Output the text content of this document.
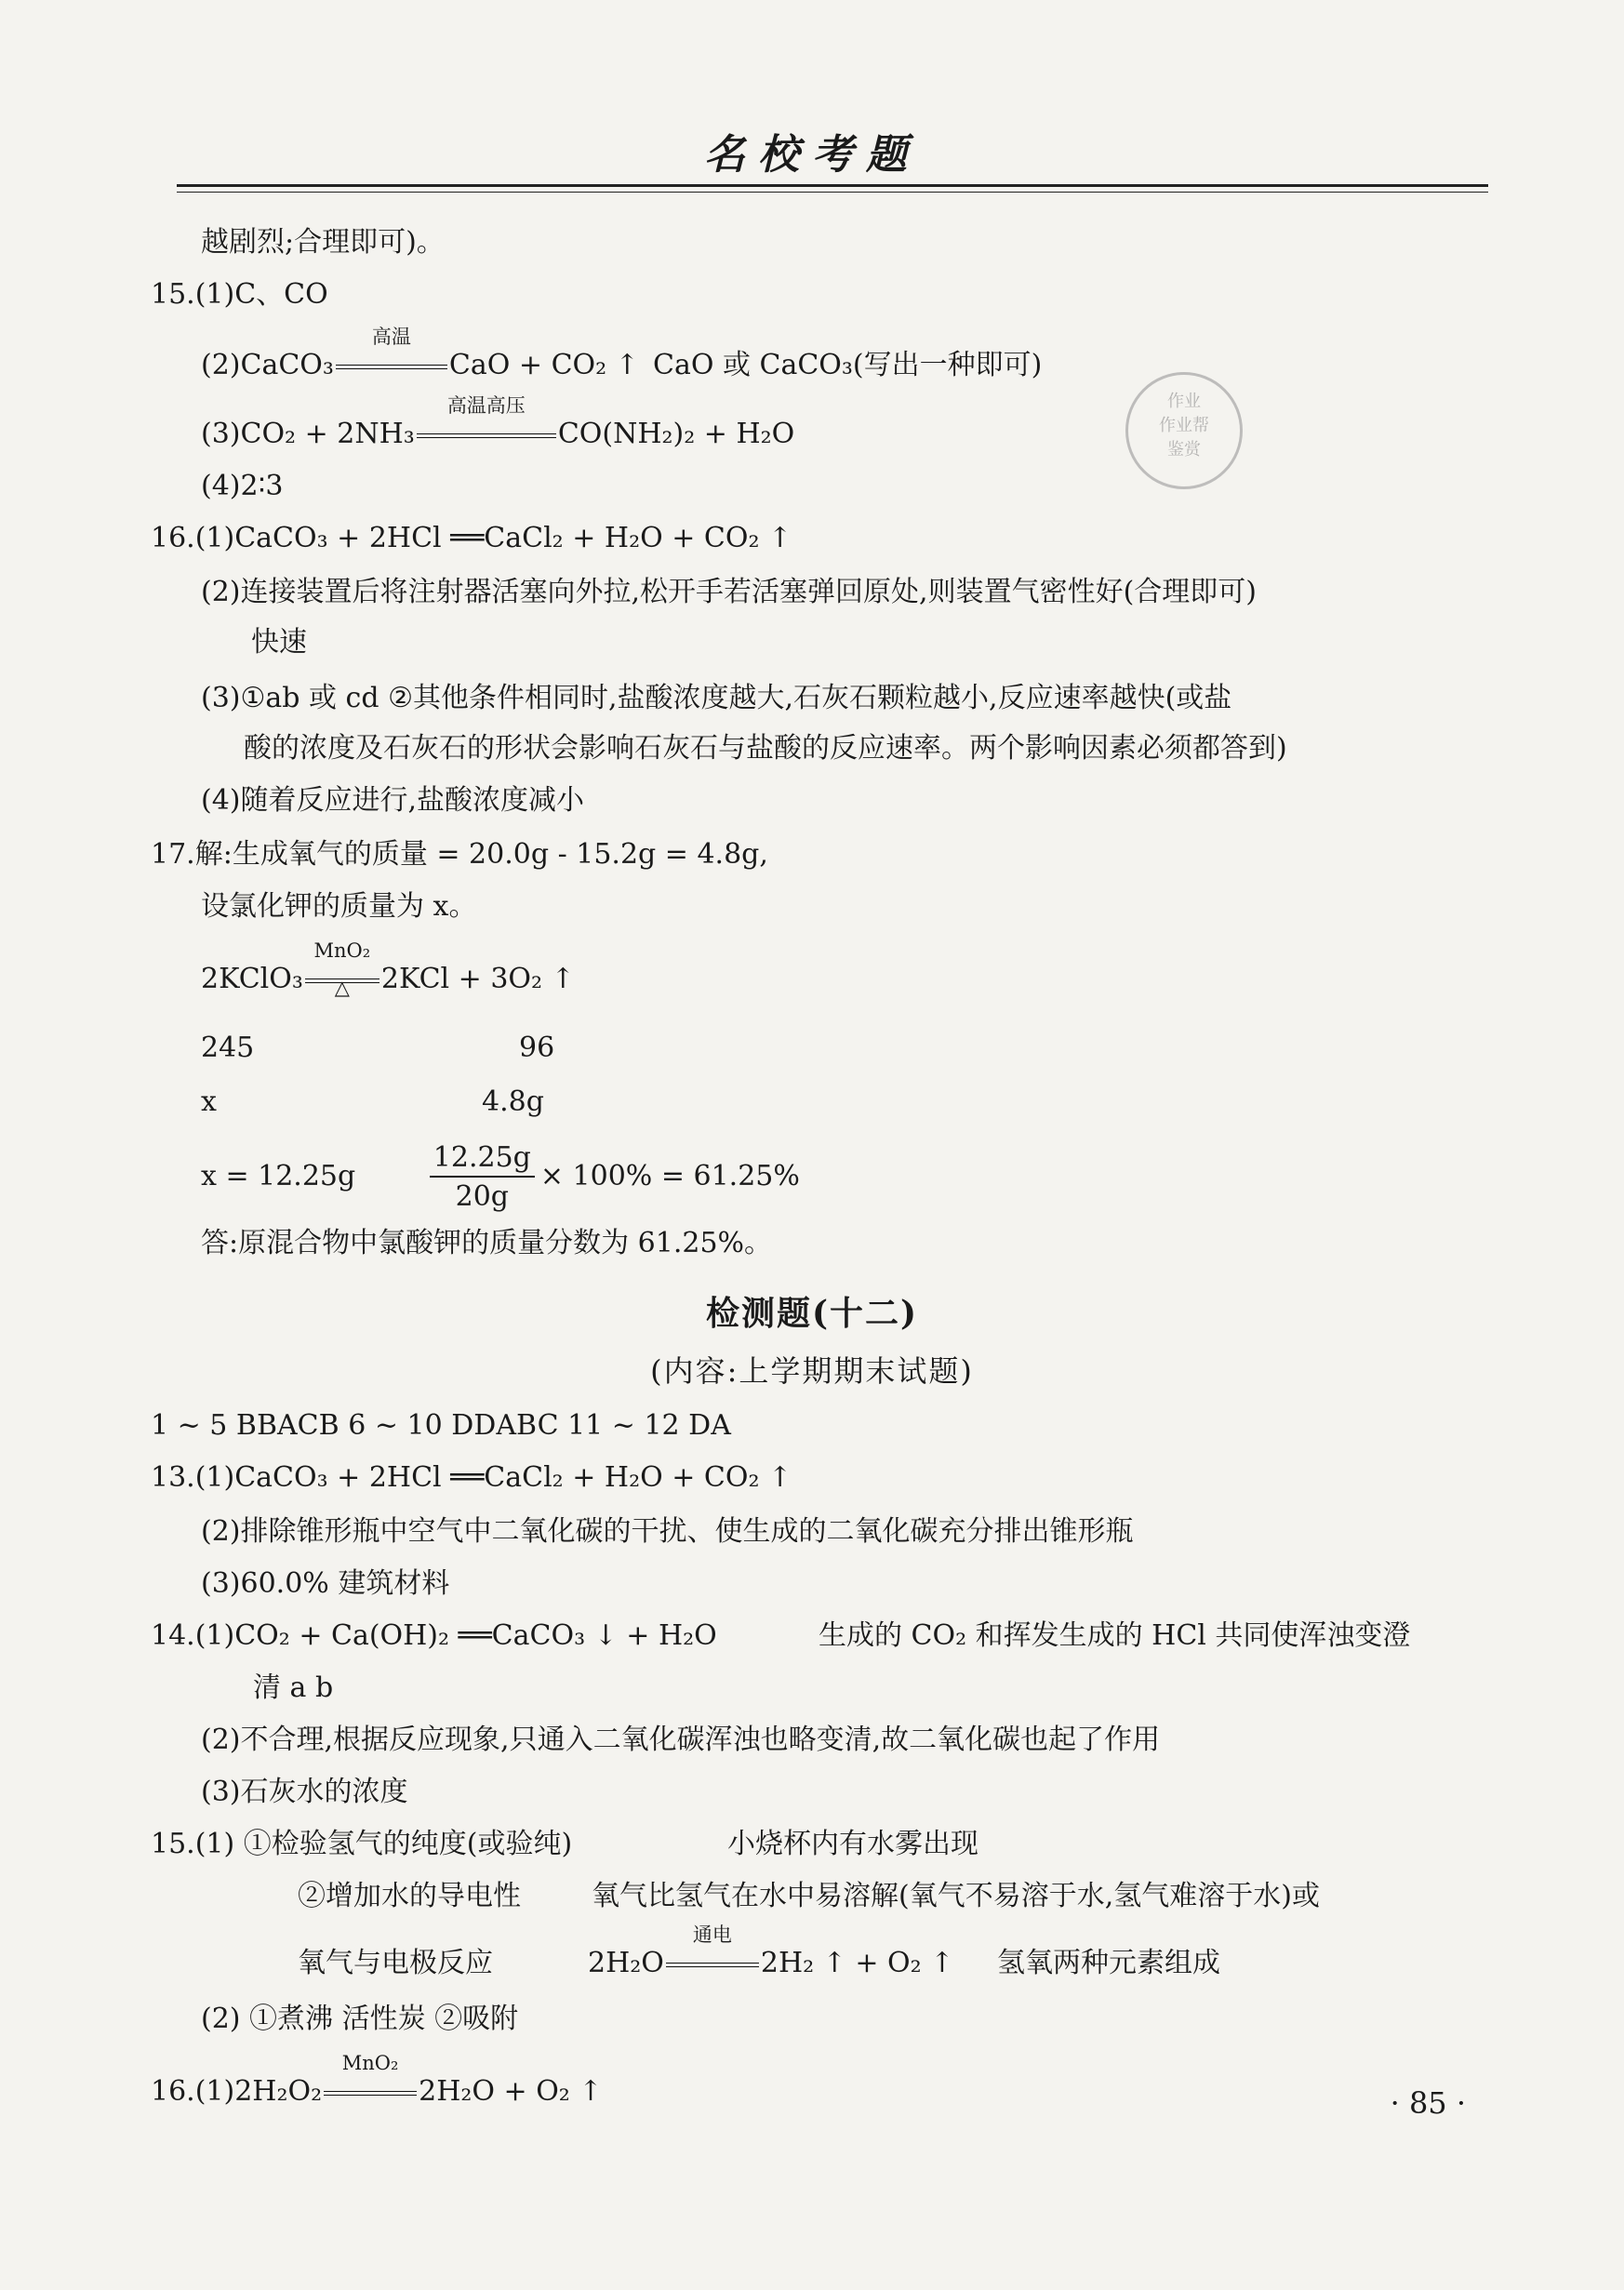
名校考题
作业
作业帮
鉴赏
越剧烈;合理即可)。
15.(1)C、CO
(2)CaCO₃
高温
CaO + CO₂ ↑ CaO 或 CaCO₃(写出一种即可)
(3)CO₂ + 2NH₃
高温高压
CO(NH₂)₂ + H₂O
(4)2∶3
16.(1)CaCO₃ + 2HCl ══CaCl₂ + H₂O + CO₂ ↑
(2)连接装置后将注射器活塞向外拉,松开手若活塞弹回原处,则装置气密性好(合理即可)
快速
(3)①ab 或 cd ②其他条件相同时,盐酸浓度越大,石灰石颗粒越小,反应速率越快(或盐
酸的浓度及石灰石的形状会影响石灰石与盐酸的反应速率。两个影响因素必须都答到)
(4)随着反应进行,盐酸浓度减小
17.解:生成氧气的质量 = 20.0g - 15.2g = 4.8g,
设氯化钾的质量为 x。
2KClO₃
MnO₂
△	2KCl + 3O₂ ↑
245	96
x	4.8g
x = 12.25g	$\frac{12.25g}{20g} \times 100\% = 61.25\%$
答:原混合物中氯酸钾的质量分数为 61.25%。
检测题(十二)
(内容:上学期期末试题)
1 ~ 5 BBACB 6 ~ 10 DDABC 11 ~ 12 DA
13.(1)CaCO₃ + 2HCl ══CaCl₂ + H₂O + CO₂ ↑
(2)排除锥形瓶中空气中二氧化碳的干扰、使生成的二氧化碳充分排出锥形瓶
(3)60.0% 建筑材料
14.(1)CO₂ + Ca(OH)₂ ══CaCO₃ ↓ + H₂O	生成的 CO₂ 和挥发生成的 HCl 共同使浑浊变澄
清 a b
(2)不合理,根据反应现象,只通入二氧化碳浑浊也略变清,故二氧化碳也起了作用
(3)石灰水的浓度
15.(1) ①检验氢气的纯度(或验纯)	小烧杯内有水雾出现
②增加水的导电性	氧气比氢气在水中易溶解(氧气不易溶于水,氢气难溶于水)或
氧气与电极反应	2H₂O
通电
2H₂ ↑ + O₂ ↑ 氢氧两种元素组成
(2) ①煮沸 活性炭 ②吸附
16.(1)2H₂O₂
MnO₂
2H₂O + O₂ ↑	· 85 ·
